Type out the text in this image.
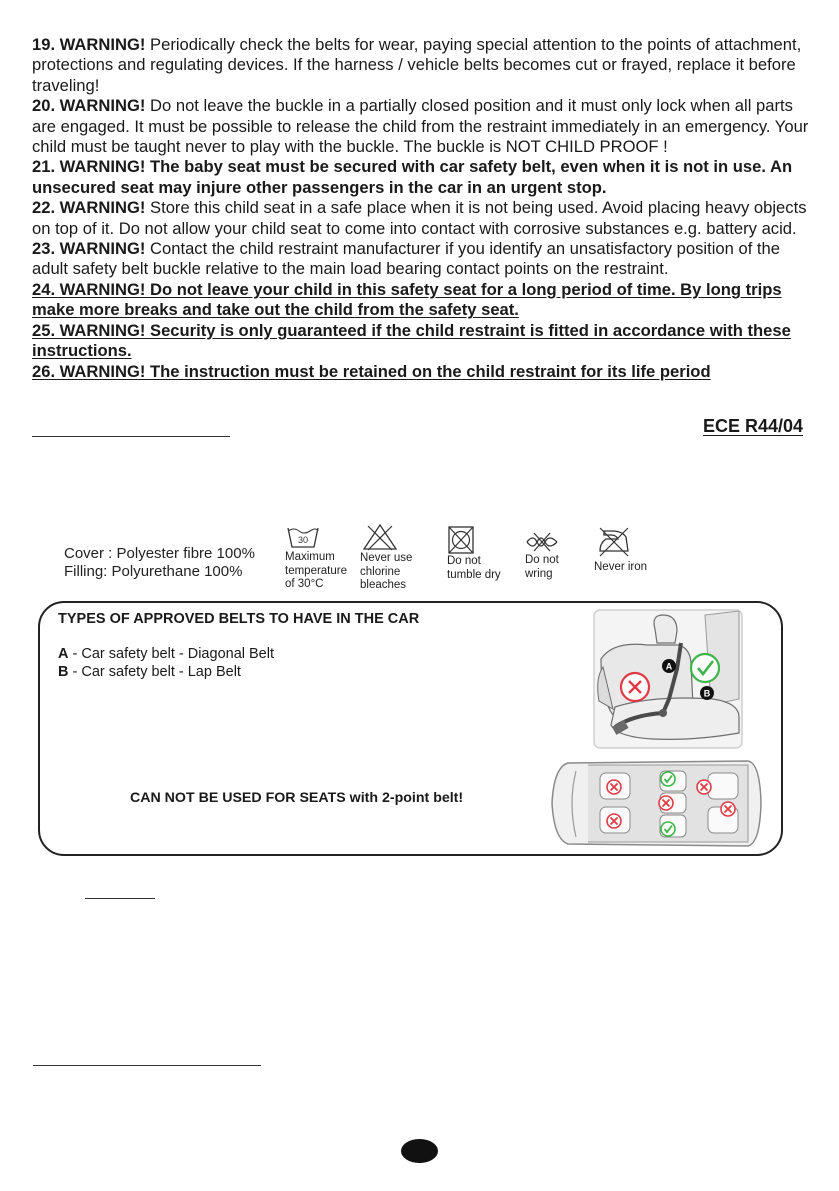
19. WARNING! Periodically check the belts for wear, paying special attention to the points of attachment, protections and regulating devices. If the harness / vehicle belts becomes cut or frayed, replace it before traveling!

20. WARNING! Do not leave the buckle in a partially closed position and it must only lock when all parts are engaged. It must be possible to release the child from the restraint immediately in an emergency. Your child must be taught never to play with the buckle. The buckle is NOT CHILD PROOF !

21. WARNING! The baby seat must be secured with car safety belt, even when it is not in use. An unsecured seat may injure other passengers in the car in an urgent stop.

22. WARNING! Store this child seat in a safe place when it is not being used. Avoid placing heavy objects on top of it. Do not allow your child seat to come into contact with corrosive substances e.g. battery acid.

23. WARNING! Contact the child restraint manufacturer if you identify an unsatisfactory position of the adult safety belt buckle relative to the main load bearing contact points on the restraint.

24. WARNING! Do not leave your child in this safety seat for a long period of time. By long trips make more breaks and take out the child from the safety seat.

25. WARNING! Security is only guaranteed if the child restraint is fitted in accordance with these instructions.

26. WARNING! The instruction must be retained on the child restraint for its life period

ECE R44/04
Cover : Polyester fibre 100%
Filling: Polyurethane 100%
30
Maximum
temperature
of 30°C
Never use
chlorine
bleaches
Do not
tumble dry
Do not
wring
Never iron
TYPES OF APPROVED BELTS TO HAVE IN THE CAR
A - Car safety belt - Diagonal Belt
B - Car safety belt - Lap Belt
CAN NOT BE USED FOR SEATS with 2-point belt!
A
B
